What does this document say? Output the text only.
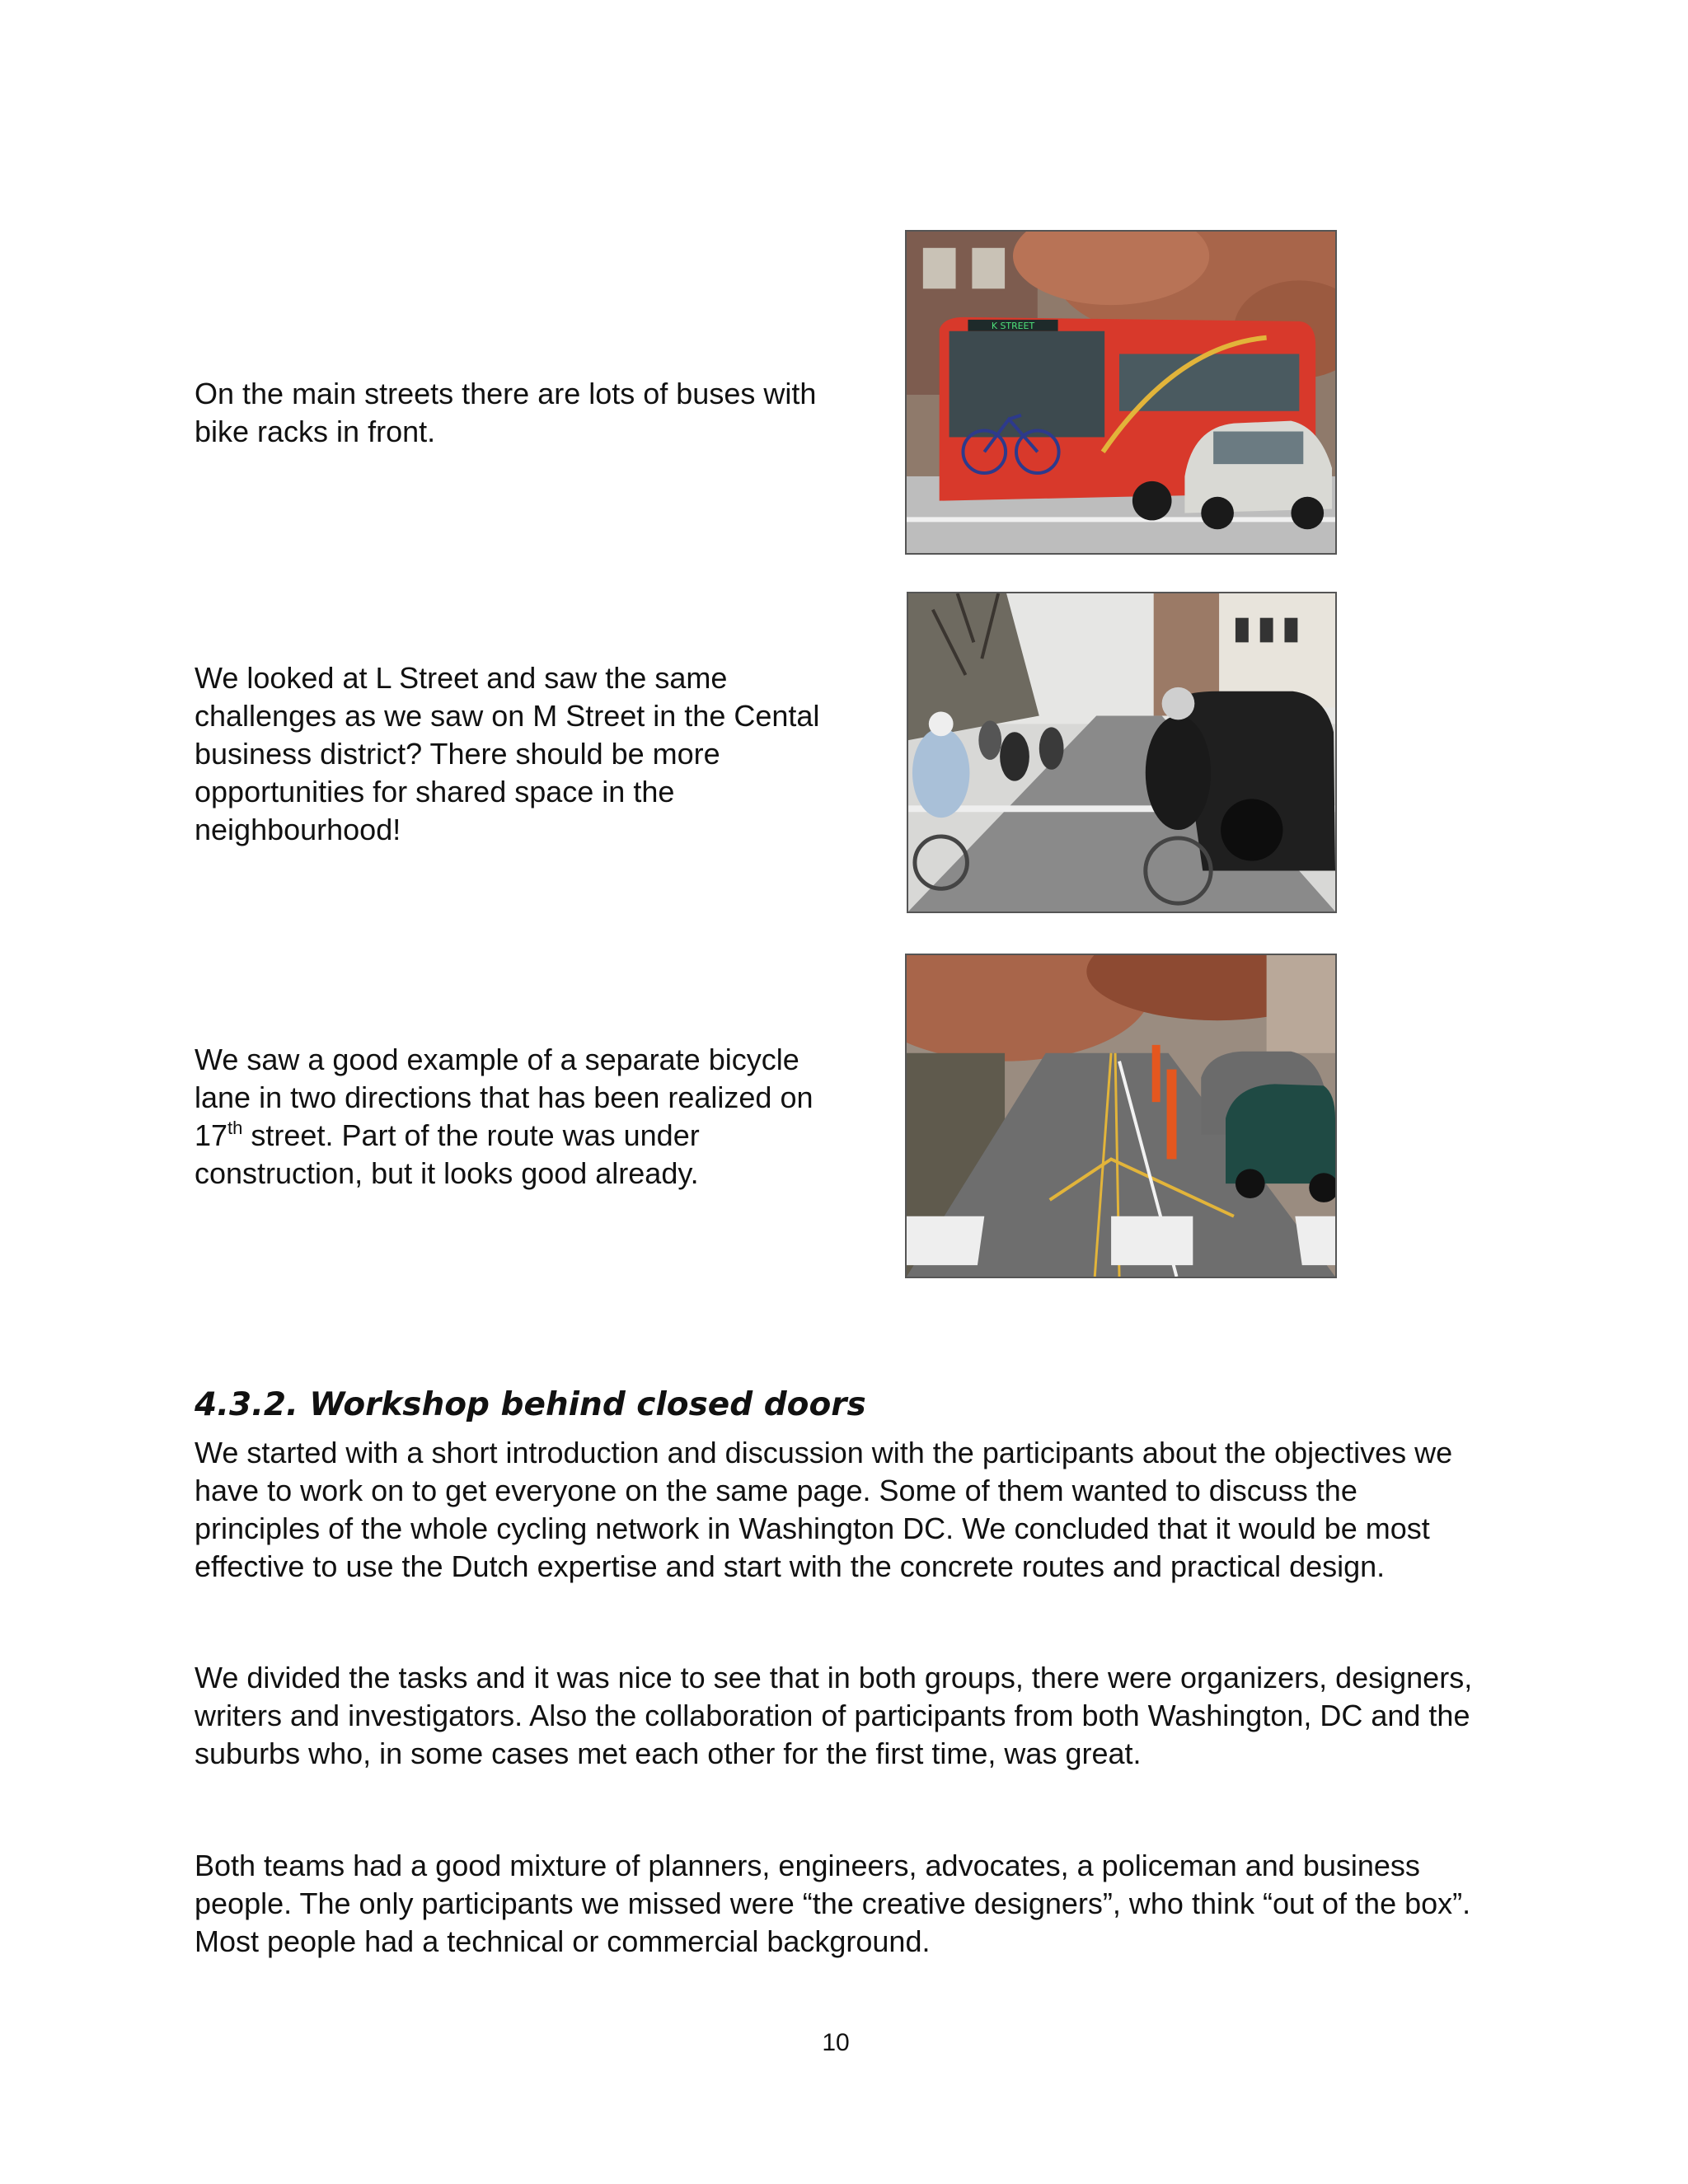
On the main streets there are lots of buses with bike racks in front.

K STREET

We looked at L Street and saw the same challenges as we saw on M Street in the Cental business district? There should be more opportunities for shared space in the neighbourhood!

We saw a good example of a separate bicycle lane in two directions that has been realized on 17th street. Part of the route was under construction, but it looks good already.

4.3.2. Workshop behind closed doors

We started with a short introduction and discussion with the participants about the objectives we have to work on to get everyone on the same page. Some of them wanted to discuss the principles of the whole cycling network in Washington DC. We concluded that it would be most effective to use the Dutch expertise and start with the concrete routes and practical design.

We divided the tasks and it was nice to see that in both groups, there were organizers, designers, writers and investigators. Also the collaboration of participants from both Washington, DC and the suburbs who, in some cases met each other for the first time, was great.

Both teams had a good mixture of planners, engineers, advocates, a policeman and business people. The only participants we missed were “the creative designers”, who think “out of the box”. Most people had a technical or commercial background.

10
